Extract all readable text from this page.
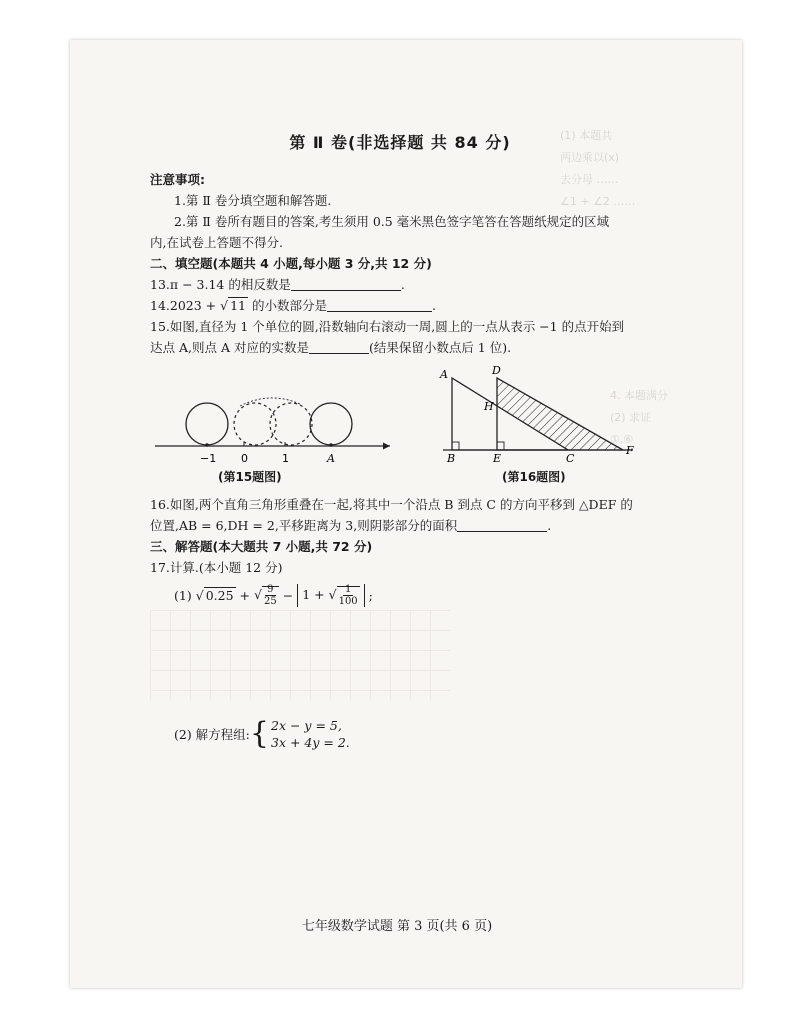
(1) 本题共
两边乘以(x)
去分母 ……
∠1 + ∠2 ……
4. 本题满分
(2) 求证
①,⑥
第 Ⅱ 卷(非选择题 共 84 分)
注意事项:
1.第 Ⅱ 卷分填空题和解答题.
2.第 Ⅱ 卷所有题目的答案,考生须用 0.5 毫米黑色签字笔答在答题纸规定的区域
内,在试卷上答题不得分.
二、填空题(本题共 4 小题,每小题 3 分,共 12 分)
13.π − 3.14 的相反数是	.
14.2023 + √ 11 的小数部分是	.
15.如图,直径为 1 个单位的圆,沿数轴向右滚动一周,圆上的一点从表示 −1 的点开始到
达点 A,则点 A 对应的实数是	(结果保留小数点后 1 位).
−1 0	1	A
(第15题图)
A	D
H
B	E	C
F
(第16题图)
16.如图,两个直角三角形重叠在一起,将其中一个沿点 B 到点 C 的方向平移到 △DEF 的
位置,AB = 6,DH = 2,平移距离为 3,则阴影部分的面积	.
三、解答题(本大题共 7 小题,共 72 分)
17.计算.(本小题 12 分)
(1) √ 0.25 + √ $\frac{9}{25} - 1$ + √ $\frac{1}{100}$ ;
(2) 解方程组: { 2x − y = 5,
3x + 4y = 2.
七年级数学试题 第 3 页(共 6 页)
